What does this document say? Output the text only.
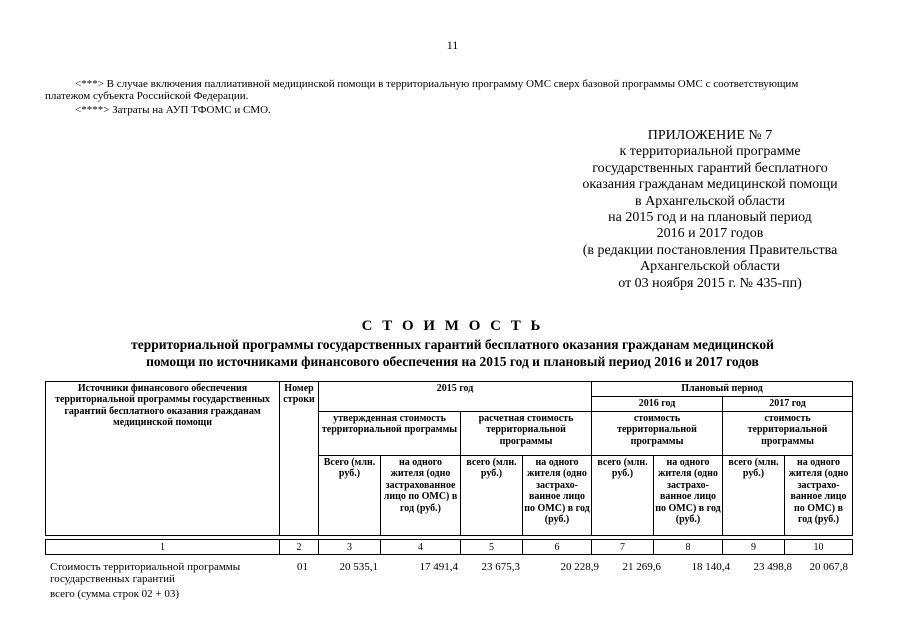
11
<***> В случае включения паллиативной медицинской помощи в территориальную программу ОМС сверх базовой программы ОМС с соответствующим
платежом субъекта Российской Федерации.
<****> Затраты на АУП ТФОМС и СМО.
ПРИЛОЖЕНИЕ № 7
к территориальной программе
государственных гарантий бесплатного
оказания гражданам медицинской помощи
в Архангельской области
на 2015 год и на плановый период
2016 и 2017 годов
(в редакции постановления Правительства
Архангельской области
от 03 ноября 2015 г. № 435-пп)
С Т О И М О С Т Ь
территориальной программы государственных гарантий бесплатного оказания гражданам медицинской
помощи по источниками финансового обеспечения на 2015 год и плановый период 2016 и 2017 годов
Источники финансового обеспечения территориальной программы государственных гарантий бесплатного оказания гражданам медицинской помощи	Номер строки	2015 год				Плановый период			
						2016 год		2017 год	
		утвержденная стоимость территориальной программы		расчетная стоимость территориальной программы		стоимость территориальной программы		стоимость территориальной программы	
		Всего (млн. руб.)	на одного жителя (одно застрахованное лицо по ОМС) в год (руб.)	всего (млн. руб.)	на одного жителя (одно застрахо-ванное лицо по ОМС) в год (руб.)	всего (млн. руб.)	на одного жителя (одно застрахо-ванное лицо по ОМС) в год (руб.)	всего (млн. руб.)	на одного жителя (одно застрахо-ванное лицо по ОМС) в год (руб.)

1	2	3	4	5	6	7	8	9	10
Стоимость территориальной программы государственных гарантий
всего (сумма строк 02 + 03)
01	20 535,1	17 491,4	23 675,3	20 228,9	21 269,6	18 140,4	23 498,8	20 067,8
